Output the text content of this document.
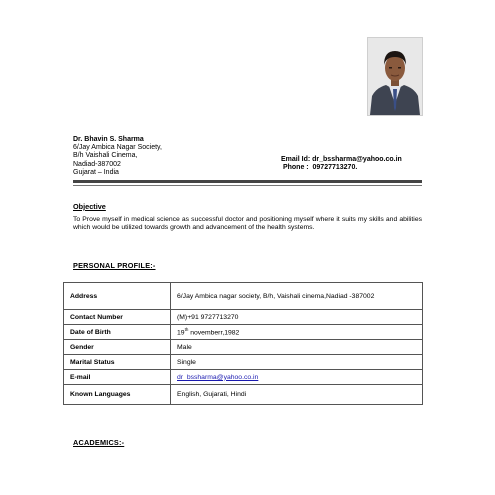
Dr. Bhavin S. Sharma
6/Jay Ambica Nagar Society,
B/h Vaishali Cinema,
Nadiad-387002
Gujarat – India
Email Id: dr_bssharma@yahoo.co.in
Phone : 09727713270.
Objective
To Prove myself in medical science as successful doctor and positioning myself where it suits my skills and abilities which would be utilized towards growth and advancement of the health systems.
PERSONAL PROFILE:-
Address	6/Jay Ambica nagar society, B/h, Vaishali cinema,Nadiad -387002
Contact Number	(M)+91 9727713270
Date of Birth	19th novemberr,1982
Gender	Male
Marital Status	Single
E-mail	dr_bssharma@yahoo.co.in
Known Languages	English, Gujarati, Hindi
ACADEMICS:-
